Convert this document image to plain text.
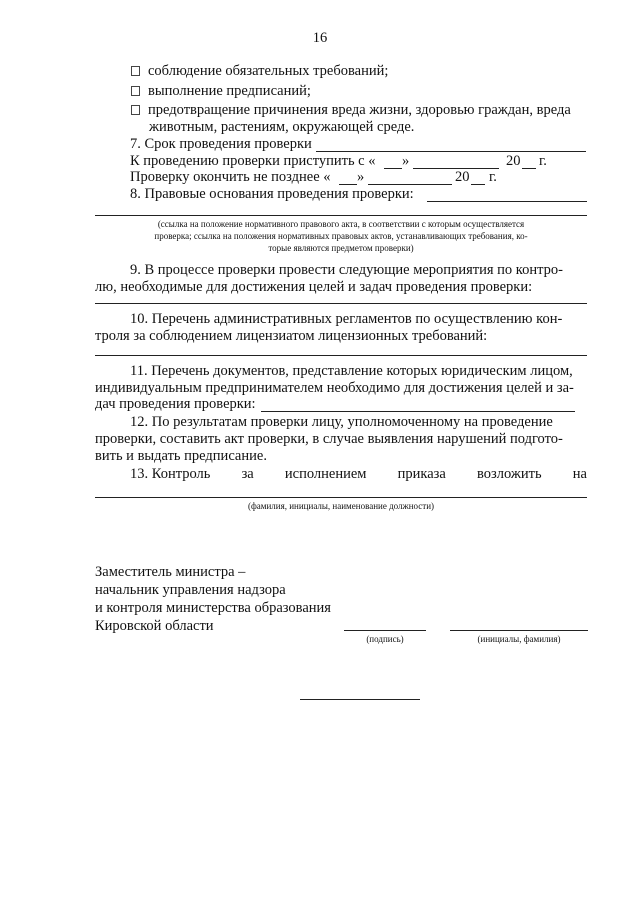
16
соблюдение обязательных требований;
выполнение предписаний;
предотвращение причинения вреда жизни, здоровью граждан, вреда
животным, растениям, окружающей среде.
7. Срок проведения проверки
К проведению проверки приступить с « »	20 г.
Проверку окончить не позднее « »	20 г.
8. Правовые основания проведения проверки:
(ссылка на положение нормативного правового акта, в соответствии с которым осуществляется
проверка; ссылка на положения нормативных правовых актов, устанавливающих требования, ко-
торые являются предметом проверки)
9. В процессе проверки провести следующие мероприятия по контро-
лю, необходимые для достижения целей и задач проведения проверки:
10. Перечень административных регламентов по осуществлению кон-
троля за соблюдением лицензиатом лицензионных требований:
11. Перечень документов, представление которых юридическим лицом,
индивидуальным предпринимателем необходимо для достижения целей и за-
дач проведения проверки:
12. По результатам проверки лицу, уполномоченному на проведение
проверки, составить акт проверки, в случае выявления нарушений подгото-
вить и выдать предписание.
13. Контроль за исполнением приказа возложить на
(фамилия, инициалы, наименование должности)
Заместитель министра –
начальник управления надзора
и контроля министерства образования
Кировской области
(подпись)	(инициалы, фамилия)
